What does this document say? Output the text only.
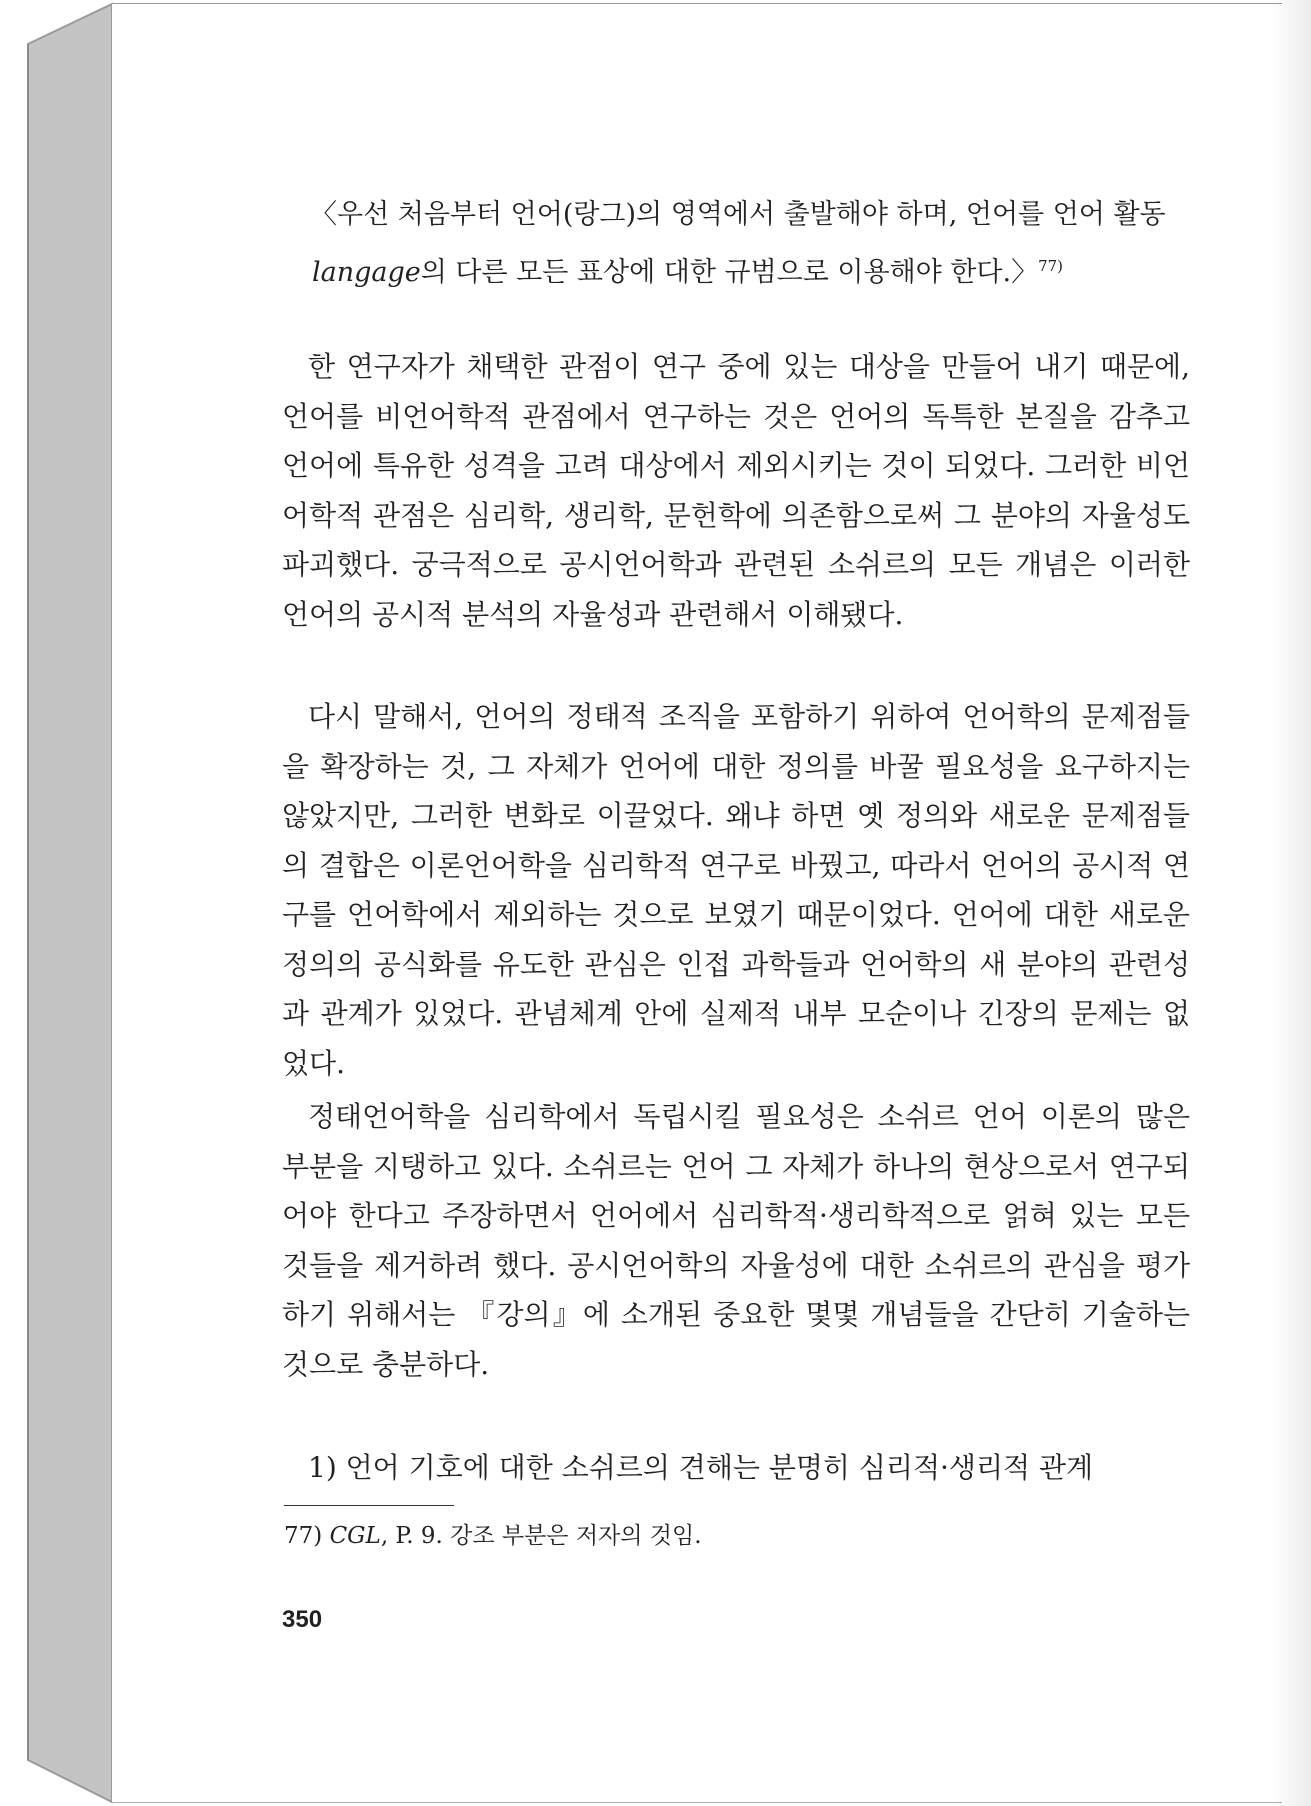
〈우선 처음부터 언어(랑그)의 영역에서 출발해야 하며, 언어를 언어 활동
langage의 다른 모든 표상에 대한 규범으로 이용해야 한다.〉$^{77)}$

한 연구자가 채택한 관점이 연구 중에 있는 대상을 만들어 내기 때문에, 언어를 비언어학적 관점에서 연구하는 것은 언어의 독특한 본질을 감추고 언어에 특유한 성격을 고려 대상에서 제외시키는 것이 되었다. 그러한 비언어학적 관점은 심리학, 생리학, 문헌학에 의존함으로써 그 분야의 자율성도 파괴했다. 궁극적으로 공시언어학과 관련된 소쉬르의 모든 개념은 이러한 언어의 공시적 분석의 자율성과 관련해서 이해됐다.

다시 말해서, 언어의 정태적 조직을 포함하기 위하여 언어학의 문제점들을 확장하는 것, 그 자체가 언어에 대한 정의를 바꿀 필요성을 요구하지는 않았지만, 그러한 변화로 이끌었다. 왜냐 하면 옛 정의와 새로운 문제점들의 결합은 이론언어학을 심리학적 연구로 바꿨고, 따라서 언어의 공시적 연구를 언어학에서 제외하는 것으로 보였기 때문이었다. 언어에 대한 새로운 정의의 공식화를 유도한 관심은 인접 과학들과 언어학의 새 분야의 관련성과 관계가 있었다. 관념체계 안에 실제적 내부 모순이나 긴장의 문제는 없었다.

정태언어학을 심리학에서 독립시킬 필요성은 소쉬르 언어 이론의 많은 부분을 지탱하고 있다. 소쉬르는 언어 그 자체가 하나의 현상으로서 연구되어야 한다고 주장하면서 언어에서 심리학적·생리학적으로 얽혀 있는 모든 것들을 제거하려 했다. 공시언어학의 자율성에 대한 소쉬르의 관심을 평가하기 위해서는 『강의』에 소개된 중요한 몇몇 개념들을 간단히 기술하는 것으로 충분하다.

1) 언어 기호에 대한 소쉬르의 견해는 분명히 심리적·생리적 관계

77) CGL, P. 9. 강조 부분은 저자의 것임.
350
